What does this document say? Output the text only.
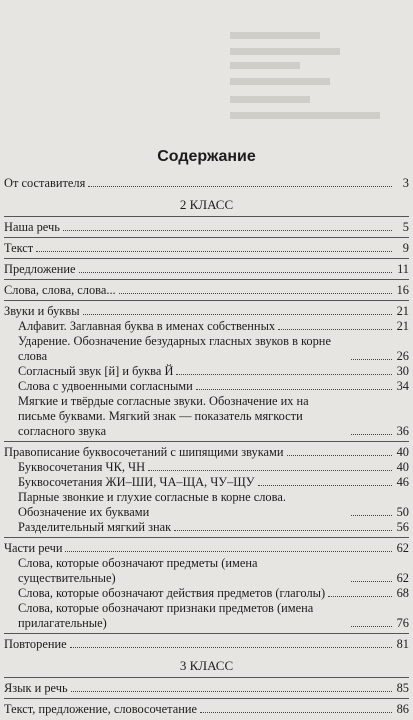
Содержание
От составителя	3
2 КЛАСС
Наша речь	5
Текст	9
Предложение	11
Слова, слова, слова...	16
Звуки и буквы	21
Алфавит. Заглавная буква в именах собственных	21
Ударение. Обозначение безударных гласных звуков в корне слова	26
Согласный звук [й] и буква Й	30
Слова с удвоенными согласными	34
Мягкие и твёрдые согласные звуки. Обозначение их на письме буквами. Мягкий знак — показатель мягкости согласного звука	36
Правописание буквосочетаний с шипящими звуками	40
Буквосочетания ЧК, ЧН	40
Буквосочетания ЖИ–ШИ, ЧА–ЩА, ЧУ–ЩУ	46
Парные звонкие и глухие согласные в корне слова. Обозначение их буквами	50
Разделительный мягкий знак	56
Части речи	62
Слова, которые обозначают предметы (имена существительные)	62
Слова, которые обозначают действия предметов (глаголы)	68
Слова, которые обозначают признаки предметов (имена прилагательные)	76
Повторение	81
3 КЛАСС
Язык и речь	85
Текст, предложение, словосочетание	86
